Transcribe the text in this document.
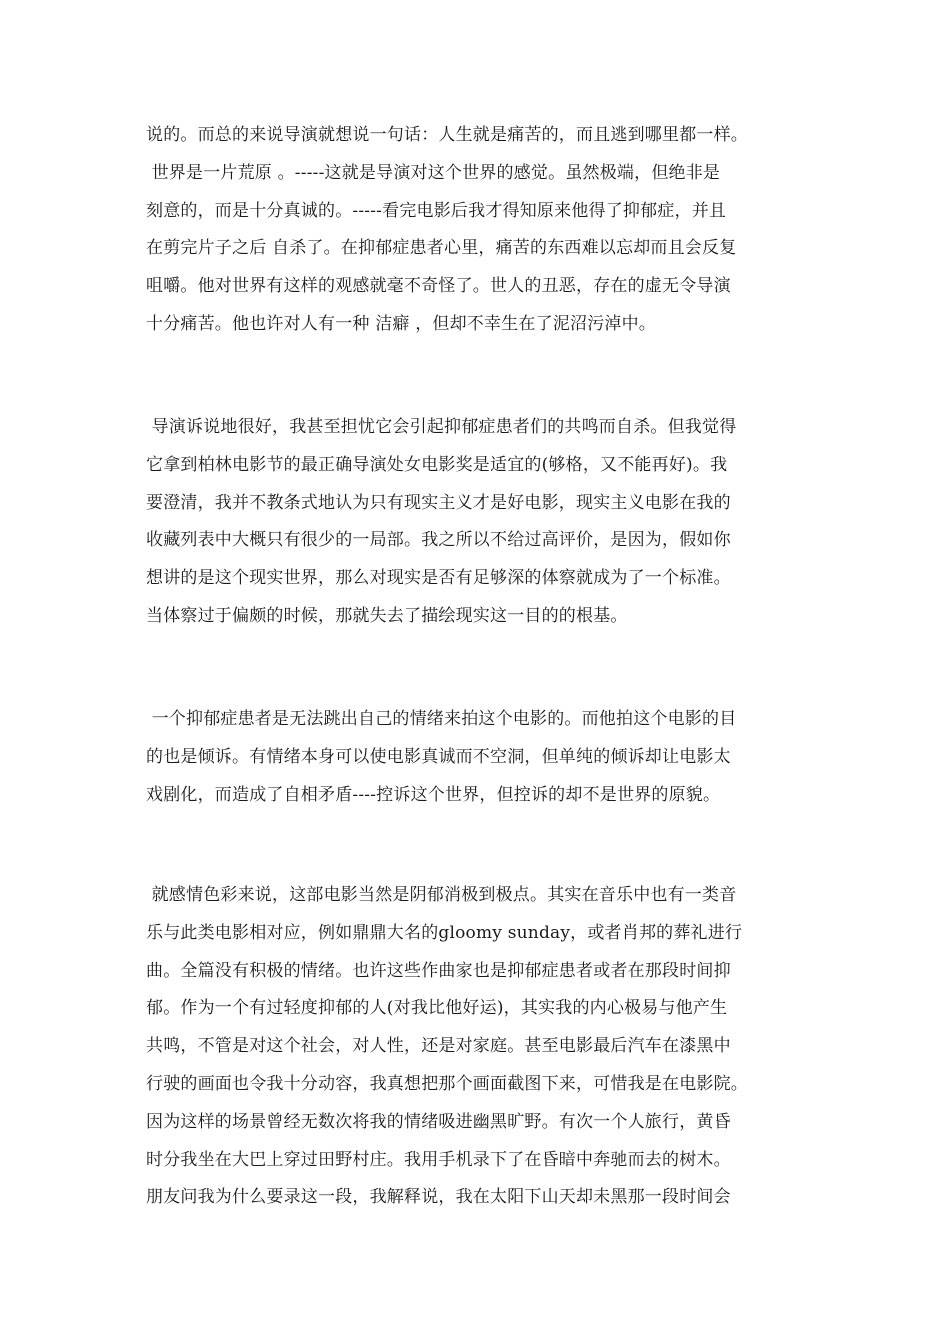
说的。而总的来说导演就想说一句话：人生就是痛苦的，而且逃到哪里都一样。
世界是一片荒原 。-----这就是导演对这个世界的感觉。虽然极端，但绝非是
刻意的，而是十分真诚的。-----看完电影后我才得知原来他得了抑郁症，并且
在剪完片子之后 自杀了。在抑郁症患者心里，痛苦的东西难以忘却而且会反复
咀嚼。他对世界有这样的观感就毫不奇怪了。世人的丑恶，存在的虚无令导演
十分痛苦。他也许对人有一种 洁癖 ，但却不幸生在了泥沼污淖中。
导演诉说地很好，我甚至担忧它会引起抑郁症患者们的共鸣而自杀。但我觉得
它拿到柏林电影节的最正确导演处女电影奖是适宜的(够格，又不能再好)。我
要澄清，我并不教条式地认为只有现实主义才是好电影，现实主义电影在我的
收藏列表中大概只有很少的一局部。我之所以不给过高评价，是因为，假如你
想讲的是这个现实世界，那么对现实是否有足够深的体察就成为了一个标准。
当体察过于偏颇的时候，那就失去了描绘现实这一目的的根基。
一个抑郁症患者是无法跳出自己的情绪来拍这个电影的。而他拍这个电影的目
的也是倾诉。有情绪本身可以使电影真诚而不空洞，但单纯的倾诉却让电影太
戏剧化，而造成了自相矛盾----控诉这个世界，但控诉的却不是世界的原貌。
就感情色彩来说，这部电影当然是阴郁消极到极点。其实在音乐中也有一类音
乐与此类电影相对应，例如鼎鼎大名的gloomy sunday，或者肖邦的葬礼进行
曲。全篇没有积极的情绪。也许这些作曲家也是抑郁症患者或者在那段时间抑
郁。作为一个有过轻度抑郁的人(对我比他好运)，其实我的内心极易与他产生
共鸣，不管是对这个社会，对人性，还是对家庭。甚至电影最后汽车在漆黑中
行驶的画面也令我十分动容，我真想把那个画面截图下来，可惜我是在电影院。
因为这样的场景曾经无数次将我的情绪吸进幽黑旷野。有次一个人旅行，黄昏
时分我坐在大巴上穿过田野村庄。我用手机录下了在昏暗中奔驰而去的树木。
朋友问我为什么要录这一段，我解释说，我在太阳下山天却未黑那一段时间会
